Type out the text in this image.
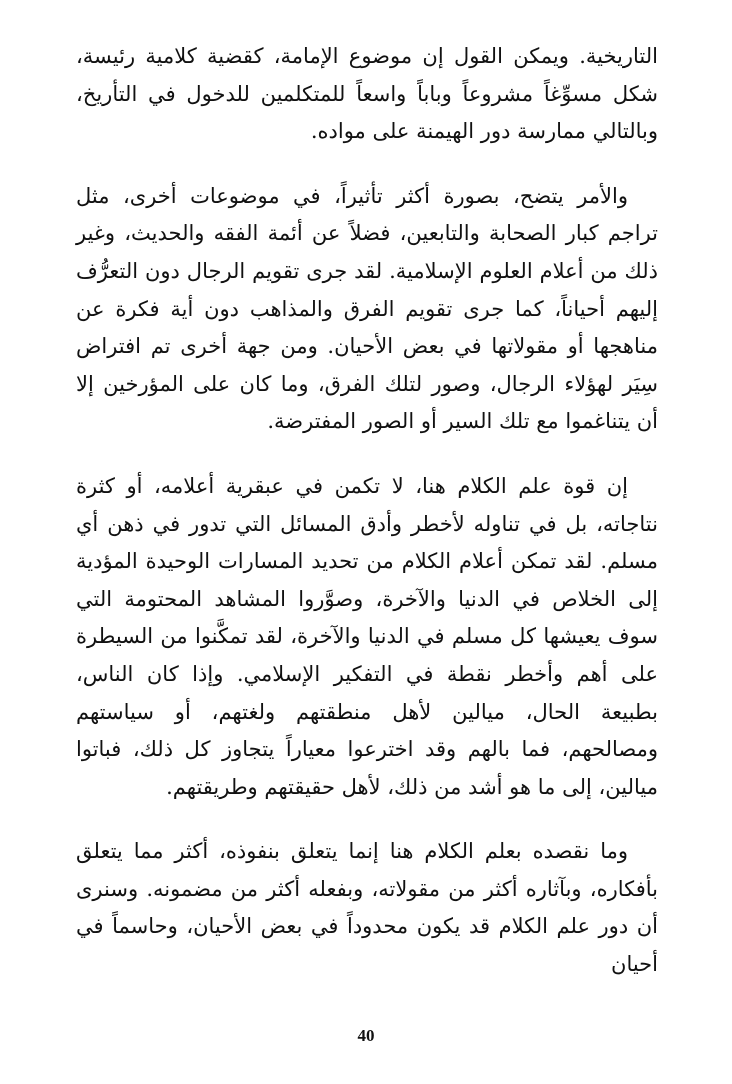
التاريخية. ويمكن القول إن موضوع الإمامة، كقضية كلامية رئيسة، شكل مسوِّغاً مشروعاً وباباً واسعاً للمتكلمين للدخول في التأريخ، وبالتالي ممارسة دور الهيمنة على مواده.

والأمر يتضح، بصورة أكثر تأثيراً، في موضوعات أخرى، مثل تراجم كبار الصحابة والتابعين، فضلاً عن أئمة الفقه والحديث، وغير ذلك من أعلام العلوم الإسلامية. لقد جرى تقويم الرجال دون التعرُّف إليهم أحياناً، كما جرى تقويم الفرق والمذاهب دون أية فكرة عن مناهجها أو مقولاتها في بعض الأحيان. ومن جهة أخرى تم افتراض سِيَر لهؤلاء الرجال، وصور لتلك الفرق، وما كان على المؤرخين إلا أن يتناغموا مع تلك السير أو الصور المفترضة.

إن قوة علم الكلام هنا، لا تكمن في عبقرية أعلامه، أو كثرة نتاجاته، بل في تناوله لأخطر وأدق المسائل التي تدور في ذهن أي مسلم. لقد تمكن أعلام الكلام من تحديد المسارات الوحيدة المؤدية إلى الخلاص في الدنيا والآخرة، وصوَّروا المشاهد المحتومة التي سوف يعيشها كل مسلم في الدنيا والآخرة، لقد تمكَّنوا من السيطرة على أهم وأخطر نقطة في التفكير الإسلامي. وإذا كان الناس، بطبيعة الحال، ميالين لأهل منطقتهم ولغتهم، أو سياستهم ومصالحهم، فما بالهم وقد اخترعوا معياراً يتجاوز كل ذلك، فباتوا ميالين، إلى ما هو أشد من ذلك، لأهل حقيقتهم وطريقتهم.

وما نقصده بعلم الكلام هنا إنما يتعلق بنفوذه، أكثر مما يتعلق بأفكاره، وبآثاره أكثر من مقولاته، وبفعله أكثر من مضمونه. وسنرى أن دور علم الكلام قد يكون محدوداً في بعض الأحيان، وحاسماً في أحيان

40
